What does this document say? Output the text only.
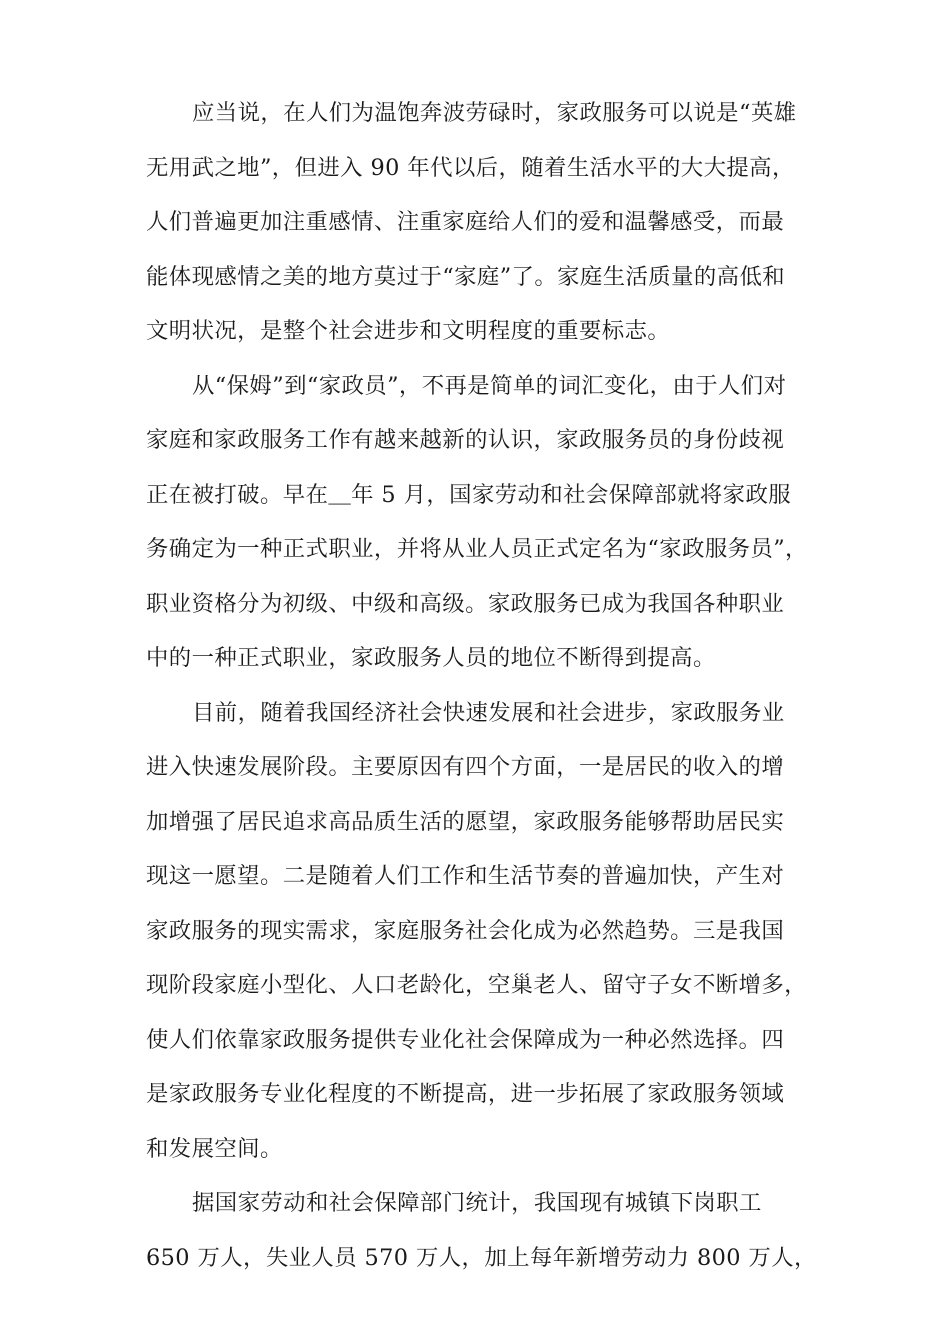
应当说，在人们为温饱奔波劳碌时，家政服务可以说是“英雄
无用武之地”，但进入 90 年代以后，随着生活水平的大大提高，
人们普遍更加注重感情、注重家庭给人们的爱和温馨感受，而最
能体现感情之美的地方莫过于“家庭”了。家庭生活质量的高低和
文明状况，是整个社会进步和文明程度的重要标志。
从“保姆”到“家政员”，不再是简单的词汇变化，由于人们对
家庭和家政服务工作有越来越新的认识，家政服务员的身份歧视
正在被打破。早在＿年 5 月，国家劳动和社会保障部就将家政服
务确定为一种正式职业，并将从业人员正式定名为“家政服务员”，
职业资格分为初级、中级和高级。家政服务已成为我国各种职业
中的一种正式职业，家政服务人员的地位不断得到提高。
目前，随着我国经济社会快速发展和社会进步，家政服务业
进入快速发展阶段。主要原因有四个方面，一是居民的收入的增
加增强了居民追求高品质生活的愿望，家政服务能够帮助居民实
现这一愿望。二是随着人们工作和生活节奏的普遍加快，产生对
家政服务的现实需求，家庭服务社会化成为必然趋势。三是我国
现阶段家庭小型化、人口老龄化，空巢老人、留守子女不断增多，
使人们依靠家政服务提供专业化社会保障成为一种必然选择。四
是家政服务专业化程度的不断提高，进一步拓展了家政服务领域
和发展空间。
据国家劳动和社会保障部门统计，我国现有城镇下岗职工
650 万人，失业人员 570 万人，加上每年新增劳动力 800 万人，
